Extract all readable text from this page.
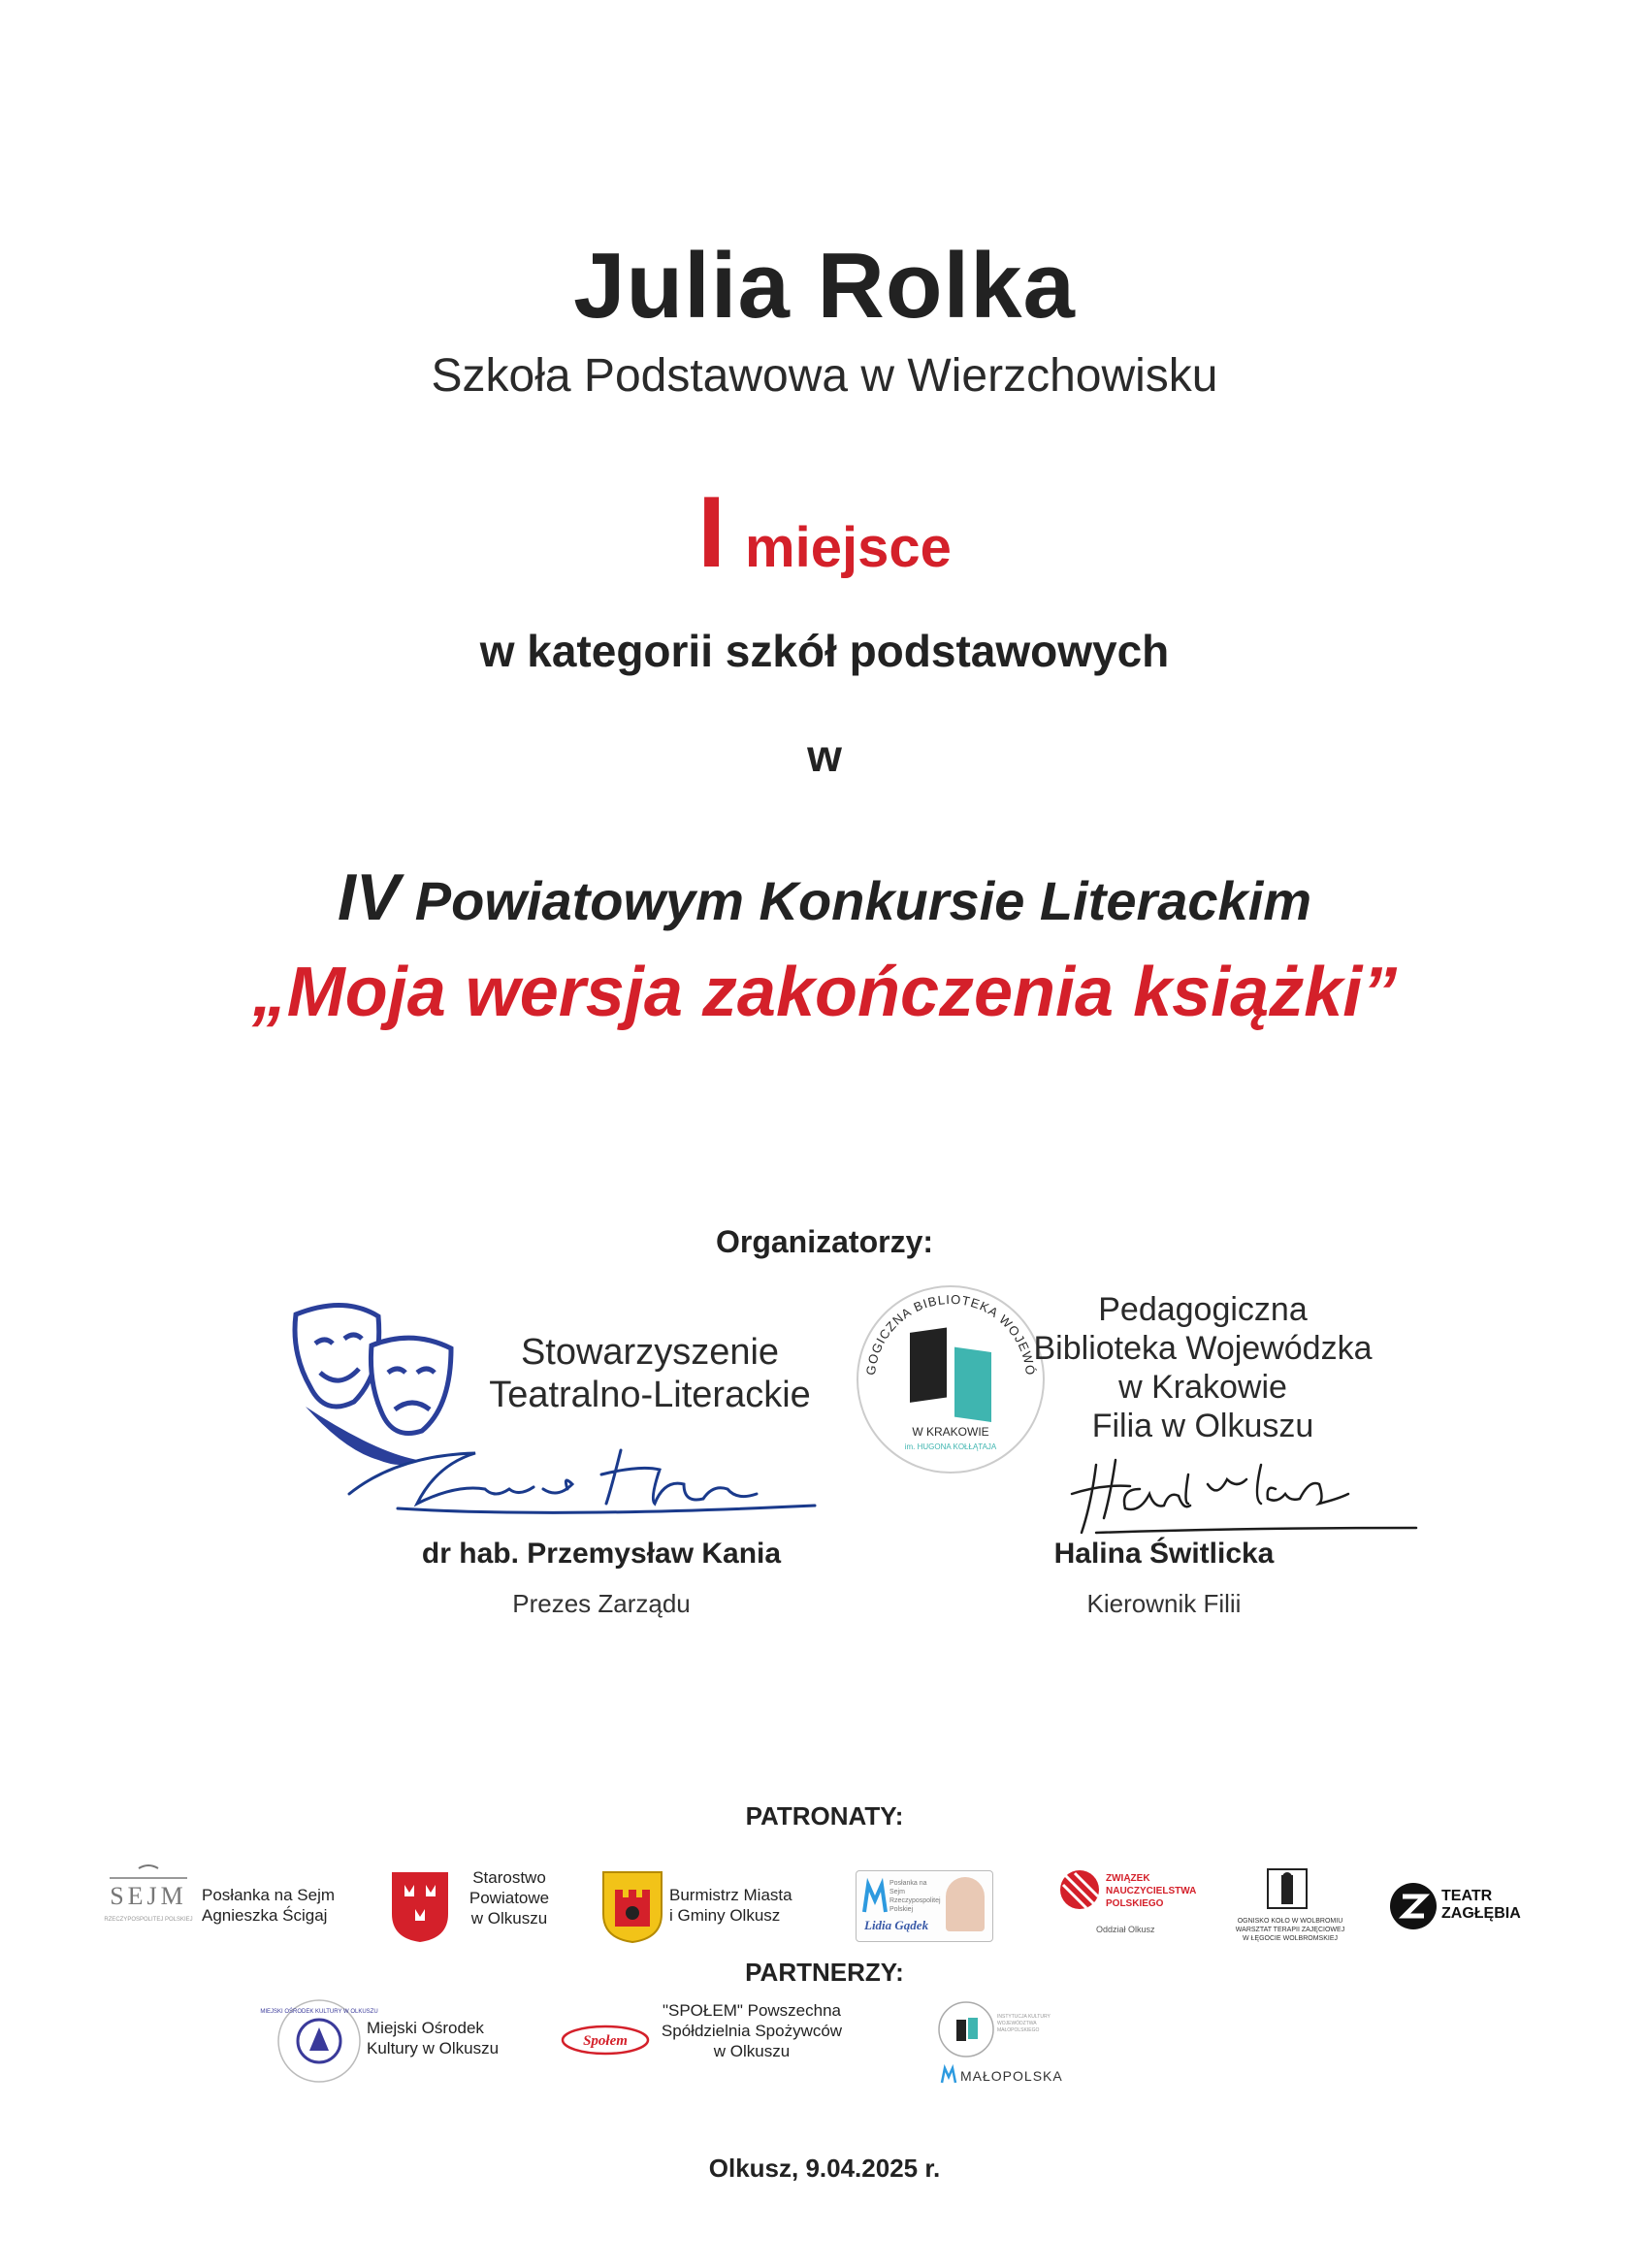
Julia Rolka
Szkoła Podstawowa w Wierzchowisku
Imiejsce
w kategorii szkół podstawowych
w
IV Powiatowym Konkursie Literackim
„Moja wersja zakończenia książki”
Organizatorzy:
Stowarzyszenie
Teatralno-Literackie
dr hab. Przemysław Kania
Prezes Zarządu
PEDAGOGICZNA BIBLIOTEKA WOJEWÓDZKA
W KRAKOWIE
im. HUGONA KOŁŁĄTAJA
Pedagogiczna
Biblioteka Wojewódzka
w Krakowie
Filia w Olkuszu
Halina Świtlicka
Kierownik Filii
PATRONATY:
SEJM
RZECZYPOSPOLITEJ POLSKIEJ
Posłanka na Sejm
Agnieszka Ścigaj
Starostwo
Powiatowe
w Olkuszu
Burmistrz Miasta
i Gminy Olkusz
Posłanka na Sejm Rzeczypospolitej Polskiej
Lidia Gądek
ZWIĄZEK
NAUCZYCIELSTWA
POLSKIEGO
Oddział Olkusz
OGNISKO KOŁO W WOLBROMIU
WARSZTAT TERAPII ZAJĘCIOWEJ
W ŁĘGOCIE WOLBROMSKIEJ
TEATR
ZAGŁĘBIA
PARTNERZY:
MIEJSKI OŚRODEK KULTURY W OLKUSZU
Miejski Ośrodek
Kultury w Olkuszu	Społem
"SPOŁEM" Powszechna
Spółdzielnia Spożywców
w Olkuszu
INSTYTUCJA KULTURY WOJEWÓDZTWA MAŁOPOLSKIEGO
MAŁOPOLSKA
Olkusz, 9.04.2025 r.
